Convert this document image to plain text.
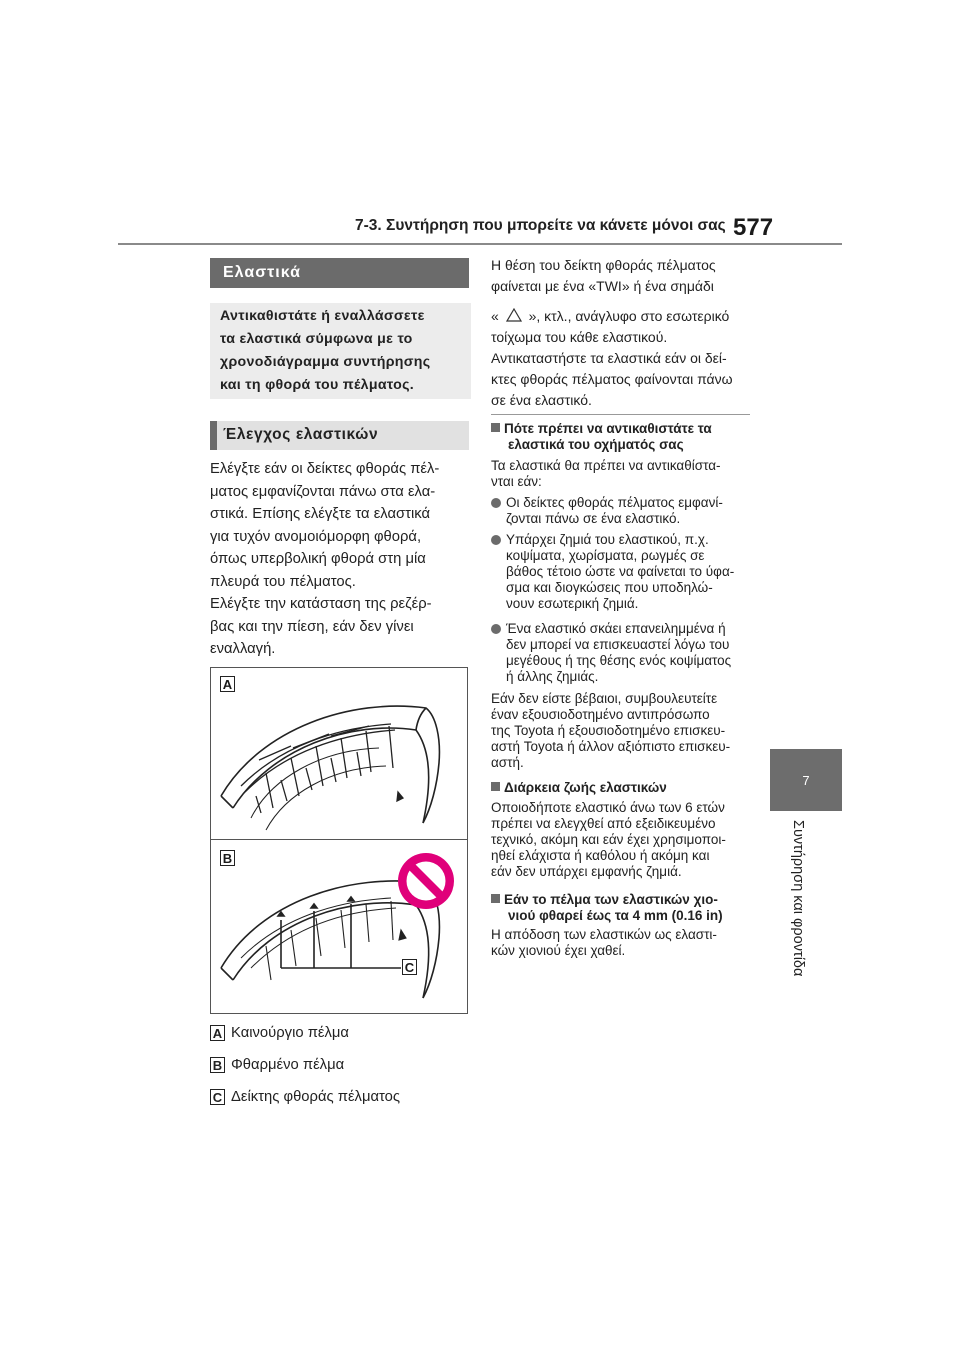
7-3. Συντήρηση που μπορείτε να κάνετε μόνοι σας 577
7
Συντήρηση και φροντίδα
Ελαστικά
Αντικαθιστάτε ή εναλλάσσετε
τα ελαστικά σύμφωνα με το
χρονοδιάγραμμα συντήρησης
και τη φθορά του πέλματος.
Έλεγχος ελαστικών

Ελέγξτε εάν οι δείκτες φθοράς πέλ-

ματος εμφανίζονται πάνω στα ελα-

στικά. Επίσης ελέγξτε τα ελαστικά

για τυχόν ανομοιόμορφη φθορά,

όπως υπερβολική φθορά στη μία

πλευρά του πέλματος.

Ελέγξτε την κατάσταση της ρεζέρ-

βας και την πίεση, εάν δεν γίνει

εναλλαγή.

A
B
C
A Καινούργιο πέλμα
B Φθαρμένο πέλμα
C Δείκτης φθοράς πέλματος

Η θέση του δείκτη φθοράς πέλματος

φαίνεται με ένα «TWI» ή ένα σημάδι

« », κτλ., ανάγλυφο στο εσωτερικό

τοίχωμα του κάθε ελαστικού.

Αντικαταστήστε τα ελαστικά εάν οι δεί-

κτες φθοράς πέλματος φαίνονται πάνω

σε ένα ελαστικό.

Πότε πρέπει να αντικαθιστάτε τα
ελαστικά του οχήματός σας
Τα ελαστικά θα πρέπει να αντικαθίστα-
νται εάν:
Οι δείκτες φθοράς πέλματος εμφανί-
ζονται πάνω σε ένα ελαστικό.
Υπάρχει ζημιά του ελαστικού, π.χ.
κοψίματα, χωρίσματα, ρωγμές σε
βάθος τέτοιο ώστε να φαίνεται το ύφα-
σμα και διογκώσεις που υποδηλώ-
νουν εσωτερική ζημιά.
Ένα ελαστικό σκάει επανειλημμένα ή
δεν μπορεί να επισκευαστεί λόγω του
μεγέθους ή της θέσης ενός κοψίματος
ή άλλης ζημιάς.
Εάν δεν είστε βέβαιοι, συμβουλευτείτε
έναν εξουσιοδοτημένο αντιπρόσωπο
της Toyota ή εξουσιοδοτημένο επισκευ-
αστή Toyota ή άλλον αξιόπιστο επισκευ-
αστή.
Διάρκεια ζωής ελαστικών
Οποιοδήποτε ελαστικό άνω των 6 ετών
πρέπει να ελεγχθεί από εξειδικευμένο
τεχνικό, ακόμη και εάν έχει χρησιμοποι-
ηθεί ελάχιστα ή καθόλου ή ακόμη και
εάν δεν υπάρχει εμφανής ζημιά.
Εάν το πέλμα των ελαστικών χιο-
νιού φθαρεί έως τα 4 mm (0.16 in)
Η απόδοση των ελαστικών ως ελαστι-
κών χιονιού έχει χαθεί.
